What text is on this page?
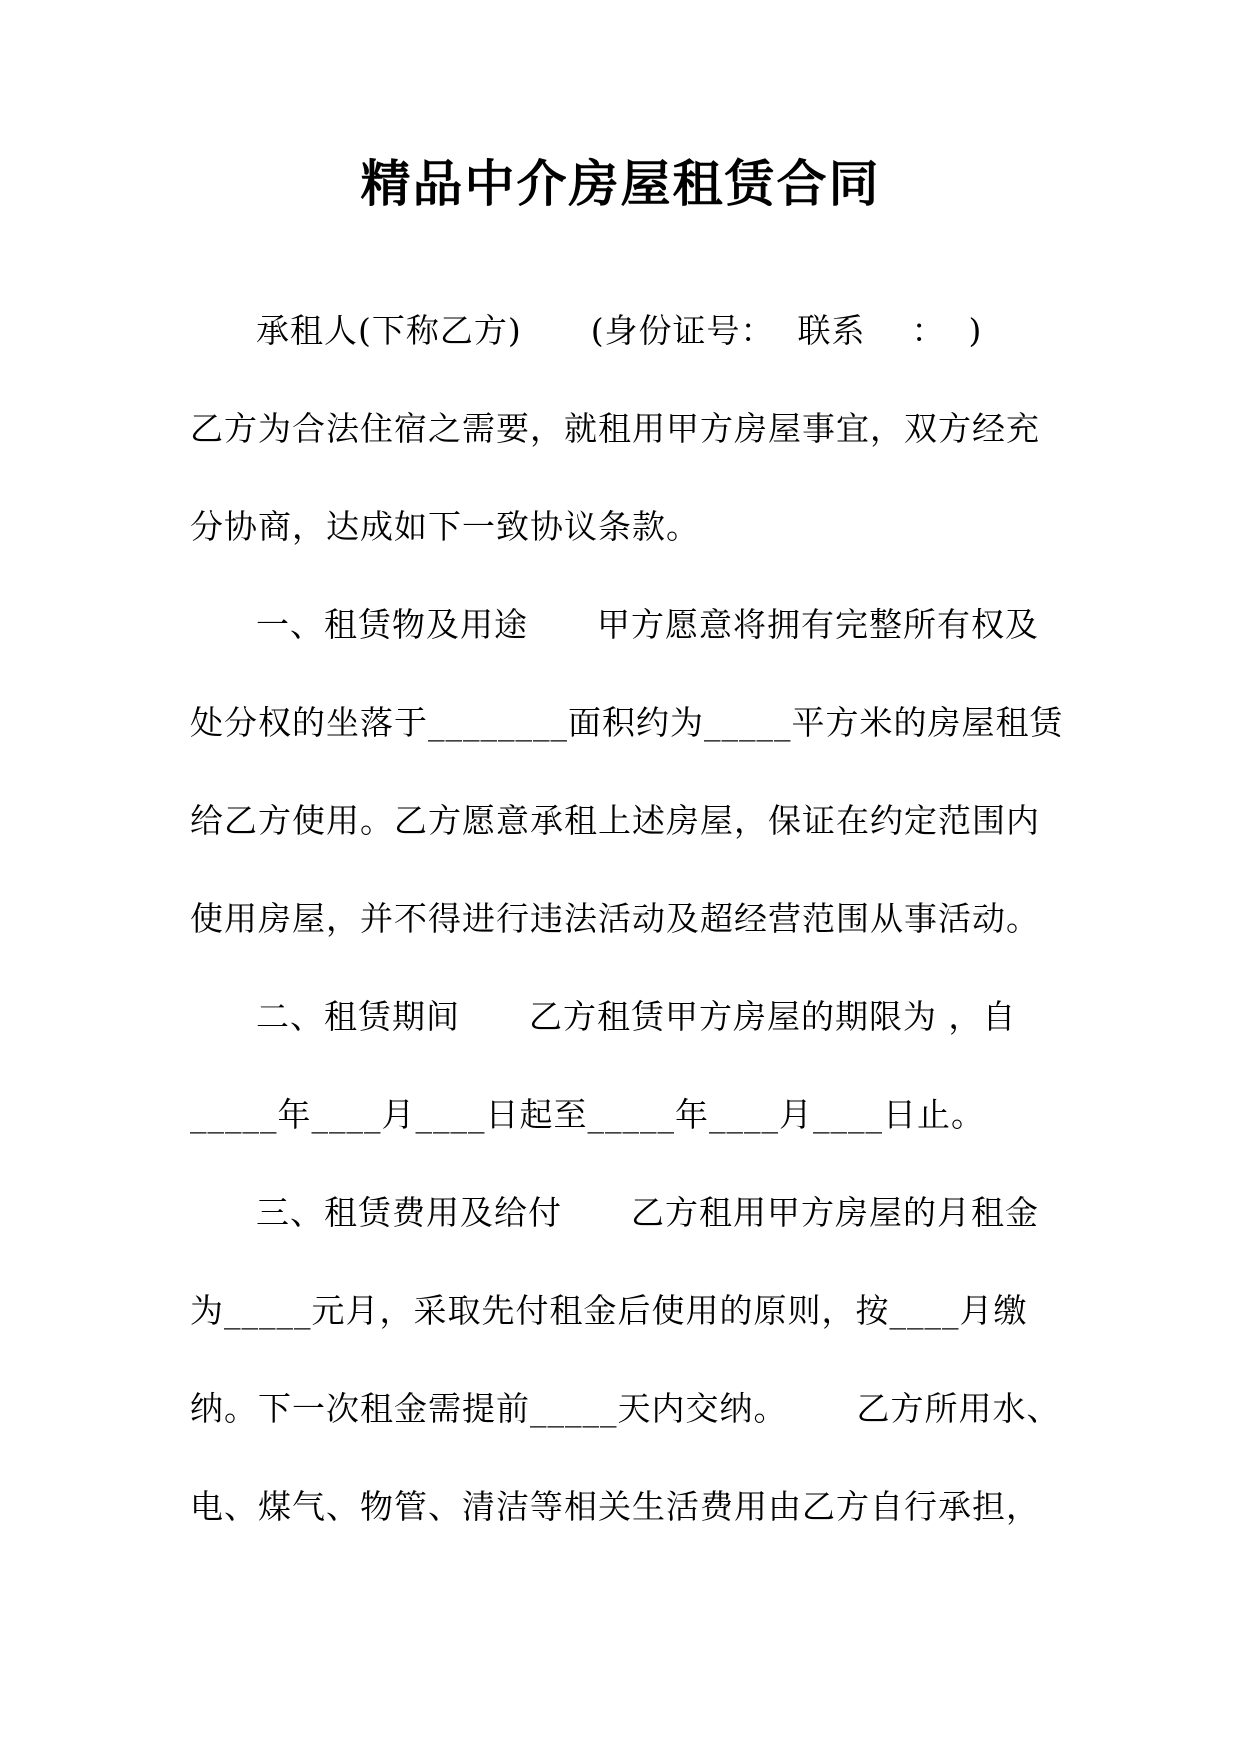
精品中介房屋租赁合同
承租人(下称乙方)      (身份证号：  联系    ：  )
乙方为合法住宿之需要，就租用甲方房屋事宜，双方经充
分协商，达成如下一致协议条款。
一、租赁物及用途      甲方愿意将拥有完整所有权及
处分权的坐落于________面积约为_____平方米的房屋租赁
给乙方使用。乙方愿意承租上述房屋，保证在约定范围内
使用房屋，并不得进行违法活动及超经营范围从事活动。
二、租赁期间      乙方租赁甲方房屋的期限为 ，自
_____年____月____日起至_____年____月____日止。
三、租赁费用及给付      乙方租用甲方房屋的月租金
为_____元月，采取先付租金后使用的原则，按____月缴
纳。下一次租金需提前_____天内交纳。      乙方所用水、
电、煤气、物管、清洁等相关生活费用由乙方自行承担，
